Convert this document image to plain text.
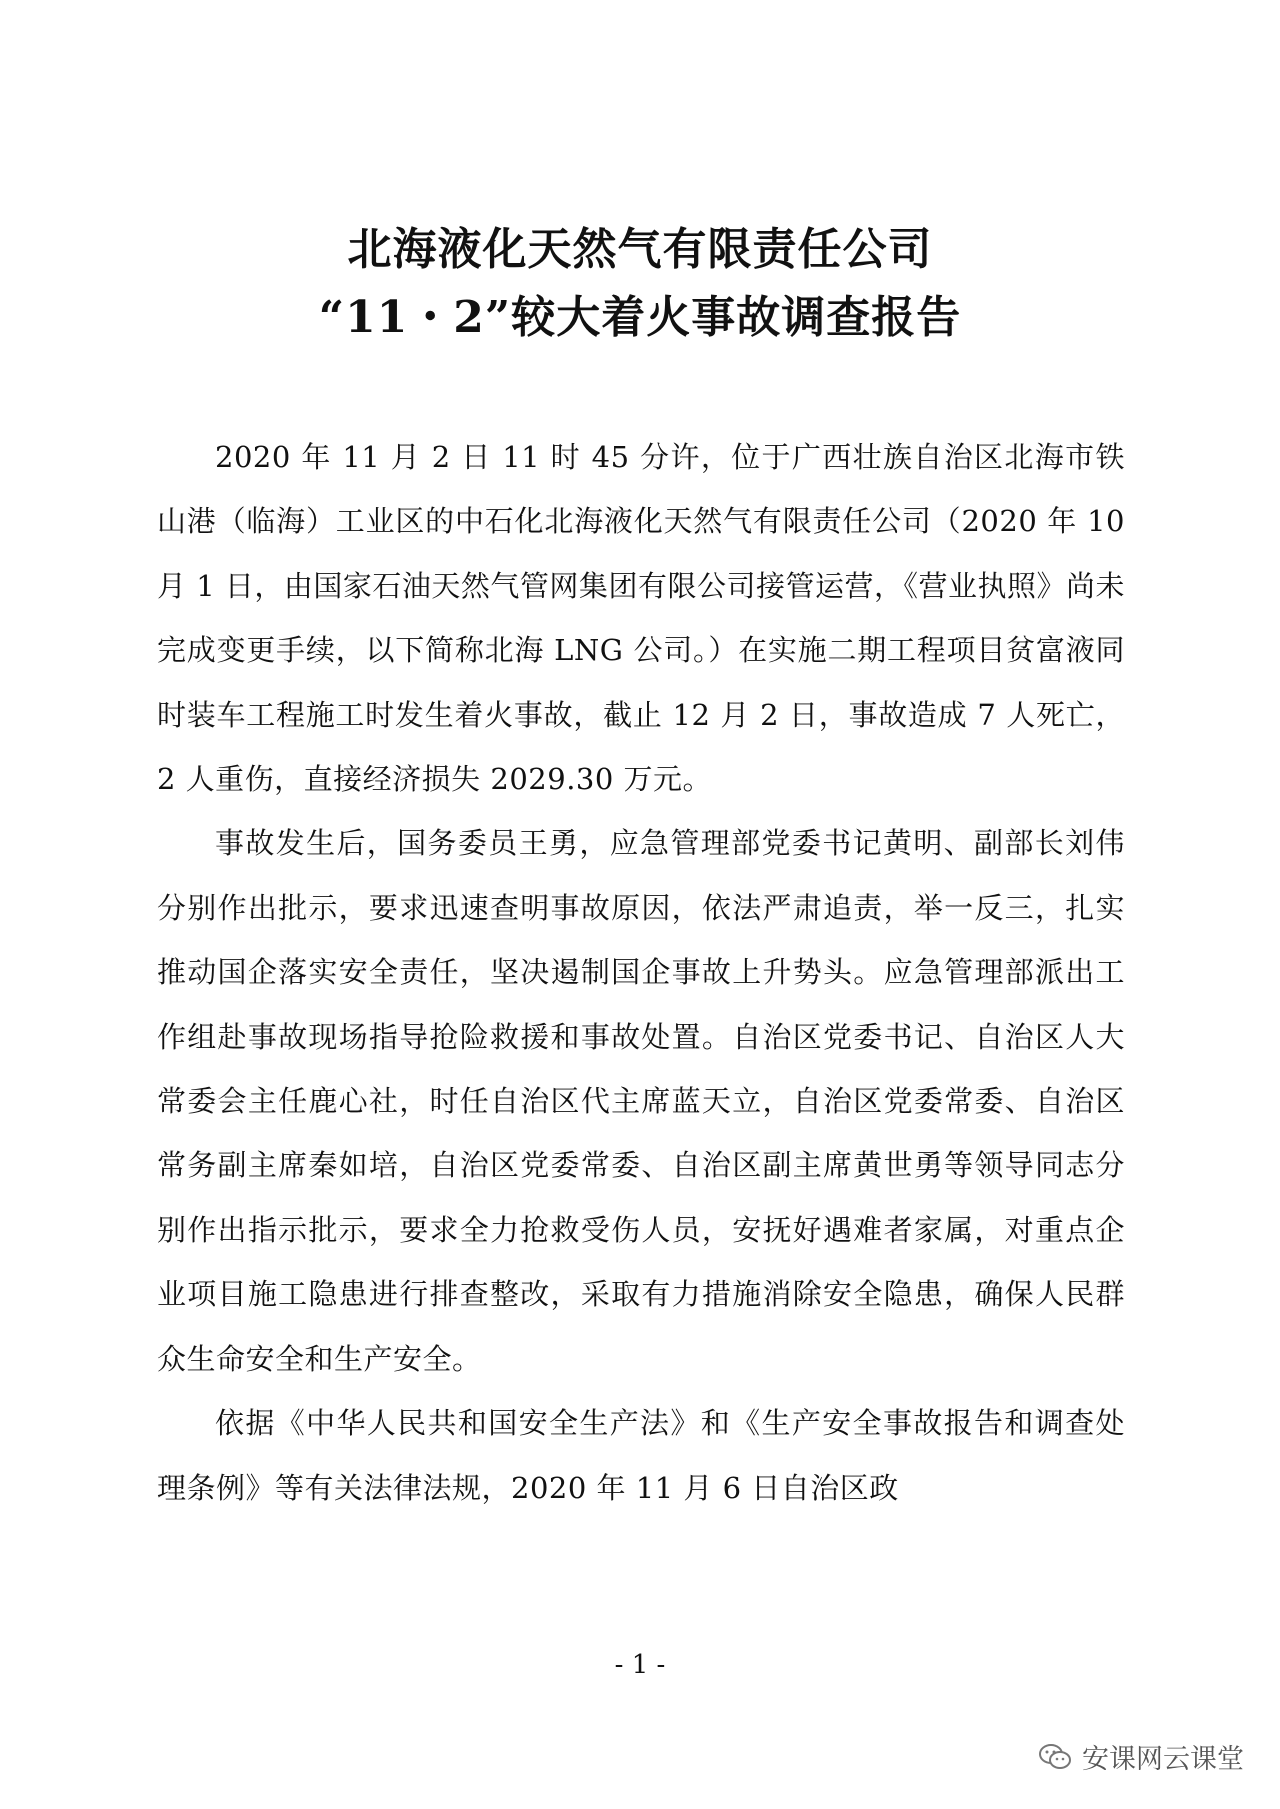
北海液化天然气有限责任公司
“11・2”较大着火事故调查报告

2020 年 11 月 2 日 11 时 45 分许，位于广西壮族自治区北海市铁山港（临海）工业区的中石化北海液化天然气有限责任公司（2020 年 10 月 1 日，由国家石油天然气管网集团有限公司接管运营，《营业执照》尚未完成变更手续，以下简称北海 LNG 公司。）在实施二期工程项目贫富液同时装车工程施工时发生着火事故，截止 12 月 2 日，事故造成 7 人死亡，2 人重伤，直接经济损失 2029.30 万元。

事故发生后，国务委员王勇，应急管理部党委书记黄明、副部长刘伟分别作出批示，要求迅速查明事故原因，依法严肃追责，举一反三，扎实推动国企落实安全责任，坚决遏制国企事故上升势头。应急管理部派出工作组赴事故现场指导抢险救援和事故处置。自治区党委书记、自治区人大常委会主任鹿心社，时任自治区代主席蓝天立，自治区党委常委、自治区常务副主席秦如培，自治区党委常委、自治区副主席黄世勇等领导同志分别作出指示批示，要求全力抢救受伤人员，安抚好遇难者家属，对重点企业项目施工隐患进行排查整改，采取有力措施消除安全隐患，确保人民群众生命安全和生产安全。

依据《中华人民共和国安全生产法》和《生产安全事故报告和调查处理条例》等有关法律法规，2020 年 11 月 6 日自治区政

- 1 -
安课网云课堂
